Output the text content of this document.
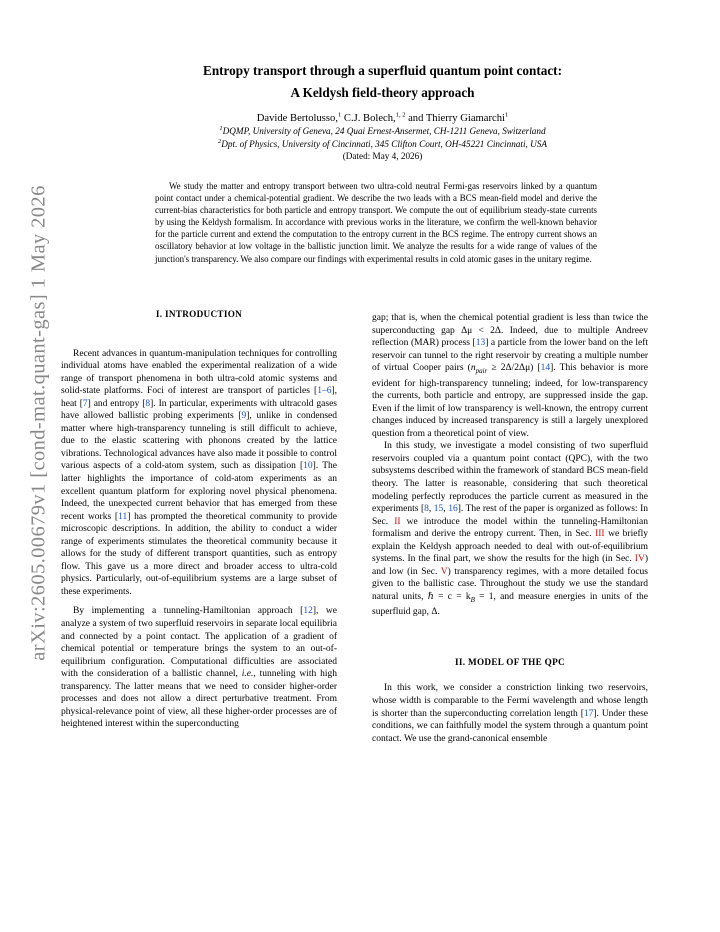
arXiv:2605.00679v1 [cond-mat.quant-gas] 1 May 2026
Entropy transport through a superfluid quantum point contact:
A Keldysh field-theory approach
Davide Bertolusso,$^1$ C.J. Bolech,$^{1, 2}$ and Thierry Giamarchi$^1$
$^1$DQMP, University of Geneva, 24 Quai Ernest-Ansermet, CH-1211 Geneva, Switzerland
$^2$Dpt. of Physics, University of Cincinnati, 345 Clifton Court, OH-45221 Cincinnati, USA
(Dated: May 4, 2026)
We study the matter and entropy transport between two ultra-cold neutral Fermi-gas reservoirs linked by a quantum point contact under a chemical-potential gradient. We describe the two leads with a BCS mean-field model and derive the current-bias characteristics for both particle and entropy transport. We compute the out of equilibrium steady-state currents by using the Keldysh formalism. In accordance with previous works in the literature, we confirm the well-known behavior for the particle current and extend the computation to the entropy current in the BCS regime. The entropy current shows an oscillatory behavior at low voltage in the ballistic junction limit. We analyze the results for a wide range of values of the junction's transparency. We also compare our findings with experimental results in cold atomic gases in the unitary regime.
I. INTRODUCTION

Recent advances in quantum-manipulation techniques for controlling individual atoms have enabled the experimental realization of a wide range of transport phenomena in both ultra-cold atomic systems and solid-state platforms. Foci of interest are transport of particles [1–6], heat [7] and entropy [8]. In particular, experiments with ultracold gases have allowed ballistic probing experiments [9], unlike in condensed matter where high-transparency tunneling is still difficult to achieve, due to the elastic scattering with phonons created by the lattice vibrations. Technological advances have also made it possible to control various aspects of a cold-atom system, such as dissipation [10]. The latter highlights the importance of cold-atom experiments as an excellent quantum platform for exploring novel physical phenomena. Indeed, the unexpected current behavior that has emerged from these recent works [11] has prompted the theoretical community to provide microscopic descriptions. In addition, the ability to conduct a wider range of experiments stimulates the theoretical community because it allows for the study of different transport quantities, such as entropy flow. This gave us a more direct and broader access to ultra-cold physics. Particularly, out-of-equilibrium systems are a large subset of these experiments.

By implementing a tunneling-Hamiltonian approach [12], we analyze a system of two superfluid reservoirs in separate local equilibria and connected by a point contact. The application of a gradient of chemical potential or temperature brings the system to an out-of-equilibrium configuration. Computational difficulties are associated with the consideration of a ballistic channel, i.e., tunneling with high transparency. The latter means that we need to consider higher-order processes and does not allow a direct perturbative treatment. From physical-relevance point of view, all these higher-order processes are of heightened interest within the superconducting

gap; that is, when the chemical potential gradient is less than twice the superconducting gap Δμ < 2Δ. Indeed, due to multiple Andreev reflection (MAR) process [13] a particle from the lower band on the left reservoir can tunnel to the right reservoir by creating a multiple number of virtual Cooper pairs $(n_{pair} \ge 2\Delta/2\Delta\mu)$ [14]. This behavior is more evident for high-transparency tunneling; indeed, for low-transparency the currents, both particle and entropy, are suppressed inside the gap. Even if the limit of low transparency is well-known, the entropy current changes induced by increased transparency is still a largely unexplored question from a theoretical point of view.

In this study, we investigate a model consisting of two superfluid reservoirs coupled via a quantum point contact (QPC), with the two subsystems described within the framework of standard BCS mean-field theory. The latter is reasonable, considering that such theoretical modeling perfectly reproduces the particle current as measured in the experiments [8, 15, 16]. The rest of the paper is organized as follows: In Sec. II we introduce the model within the tunneling-Hamiltonian formalism and derive the entropy current. Then, in Sec. III we briefly explain the Keldysh approach needed to deal with out-of-equilibrium systems. In the final part, we show the results for the high (in Sec. IV) and low (in Sec. V) transparency regimes, with a more detailed focus given to the ballistic case. Throughout the study we use the standard natural units, ℏ = $c = k_B = 1$, and measure energies in units of the superfluid gap, Δ.

II. MODEL OF THE QPC

In this work, we consider a constriction linking two reservoirs, whose width is comparable to the Fermi wavelength and whose length is shorter than the superconducting correlation length [17]. Under these conditions, we can faithfully model the system through a quantum point contact. We use the grand-canonical ensemble
